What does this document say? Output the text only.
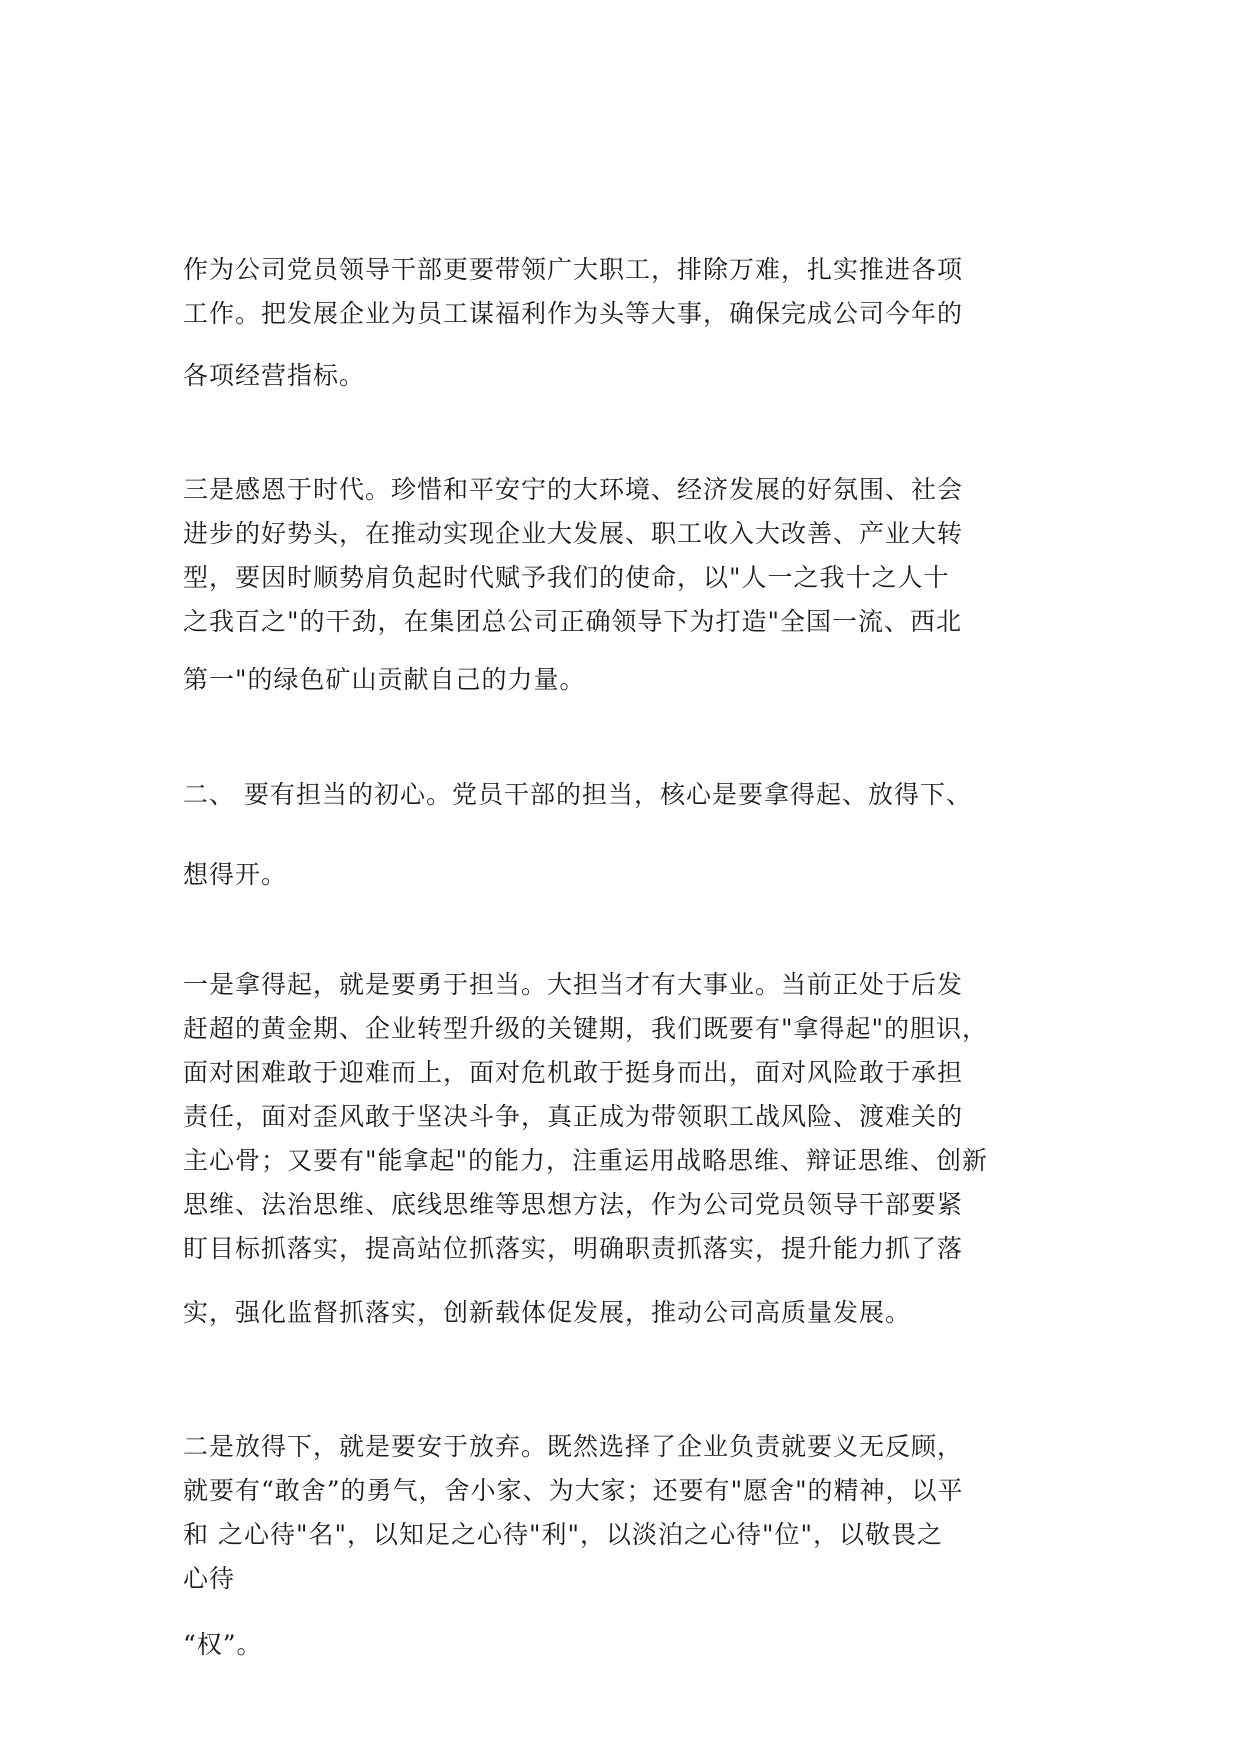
作为公司党员领导干部更要带领广大职工，排除万难，扎实推进各项
工作。把发展企业为员工谋福利作为头等大事，确保完成公司今年的
各项经营指标。
三是感恩于时代。珍惜和平安宁的大环境、经济发展的好氛围、社会
进步的好势头，在推动实现企业大发展、职工收入大改善、产业大转
型，要因时顺势肩负起时代赋予我们的使命，以"人一之我十之人十
之我百之"的干劲，在集团总公司正确领导下为打造"全国一流、西北
第一"的绿色矿山贡献自己的力量。
二、 要有担当的初心。党员干部的担当，核心是要拿得起、放得下、
想得开。
一是拿得起，就是要勇于担当。大担当才有大事业。当前正处于后发
赶超的黄金期、企业转型升级的关键期，我们既要有"拿得起"的胆识，
面对困难敢于迎难而上，面对危机敢于挺身而出，面对风险敢于承担
责任，面对歪风敢于坚决斗争，真正成为带领职工战风险、渡难关的
主心骨；又要有"能拿起"的能力，注重运用战略思维、辩证思维、创新
思维、法治思维、底线思维等思想方法，作为公司党员领导干部要紧
盯目标抓落实，提高站位抓落实，明确职责抓落实，提升能力抓了落
实，强化监督抓落实，创新载体促发展，推动公司高质量发展。
二是放得下，就是要安于放弃。既然选择了企业负责就要义无反顾，
就要有“敢舍”的勇气，舍小家、为大家；还要有"愿舍"的精神，以平
和 之心待"名"，以知足之心待"利"，以淡泊之心待"位"，以敬畏之
心待
“权”。
